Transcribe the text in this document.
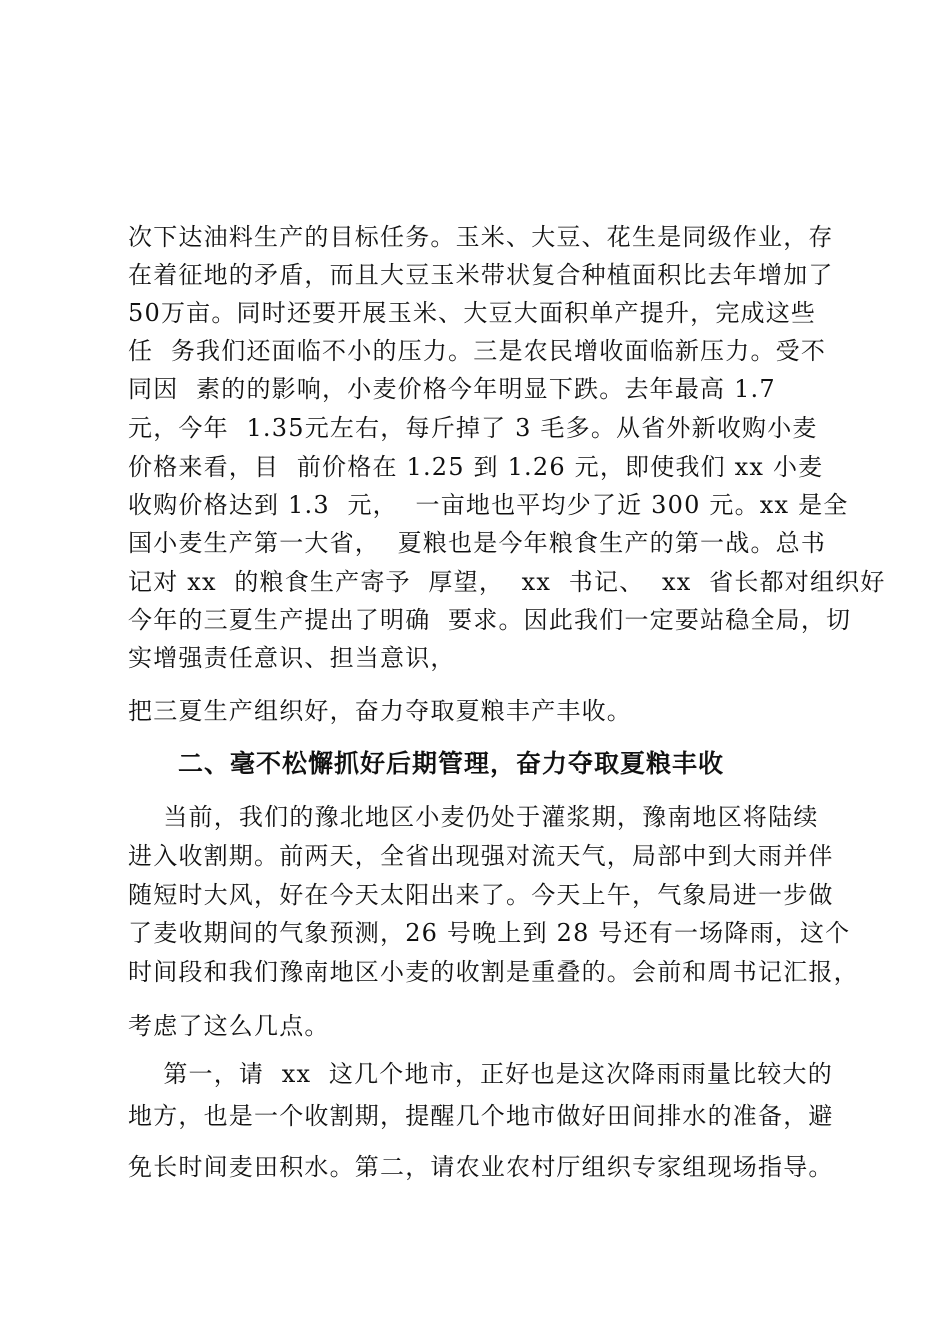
次下达油料生产的目标任务。玉米、大豆、花生是同级作业，存
在着征地的矛盾，而且大豆玉米带状复合种植面积比去年增加了
50万亩。同时还要开展玉米、大豆大面积单产提升，完成这些
任  务我们还面临不小的压力。三是农民增收面临新压力。受不
同因  素的的影响，小麦价格今年明显下跌。去年最高 1.7
元，今年  1.35元左右，每斤掉了 3 毛多。从省外新收购小麦
价格来看，目  前价格在 1.25 到 1.26 元，即使我们 xx 小麦
收购价格达到 1.3  元，  一亩地也平均少了近 300 元。xx 是全
国小麦生产第一大省，  夏粮也是今年粮食生产的第一战。总书
记对 xx  的粮食生产寄予  厚望，  xx  书记、  xx  省长都对组织好
今年的三夏生产提出了明确  要求。因此我们一定要站稳全局，切
实增强责任意识、担当意识，
把三夏生产组织好，奋力夺取夏粮丰产丰收。
二、毫不松懈抓好后期管理，奋力夺取夏粮丰收
当前，我们的豫北地区小麦仍处于灌浆期，豫南地区将陆续
进入收割期。前两天，全省出现强对流天气，局部中到大雨并伴
随短时大风，好在今天太阳出来了。今天上午，气象局进一步做
了麦收期间的气象预测，26 号晚上到 28 号还有一场降雨，这个
时间段和我们豫南地区小麦的收割是重叠的。会前和周书记汇报，
考虑了这么几点。
第一，请  xx  这几个地市，正好也是这次降雨雨量比较大的
地方，也是一个收割期，提醒几个地市做好田间排水的准备，避
免长时间麦田积水。第二，请农业农村厅组织专家组现场指导。
